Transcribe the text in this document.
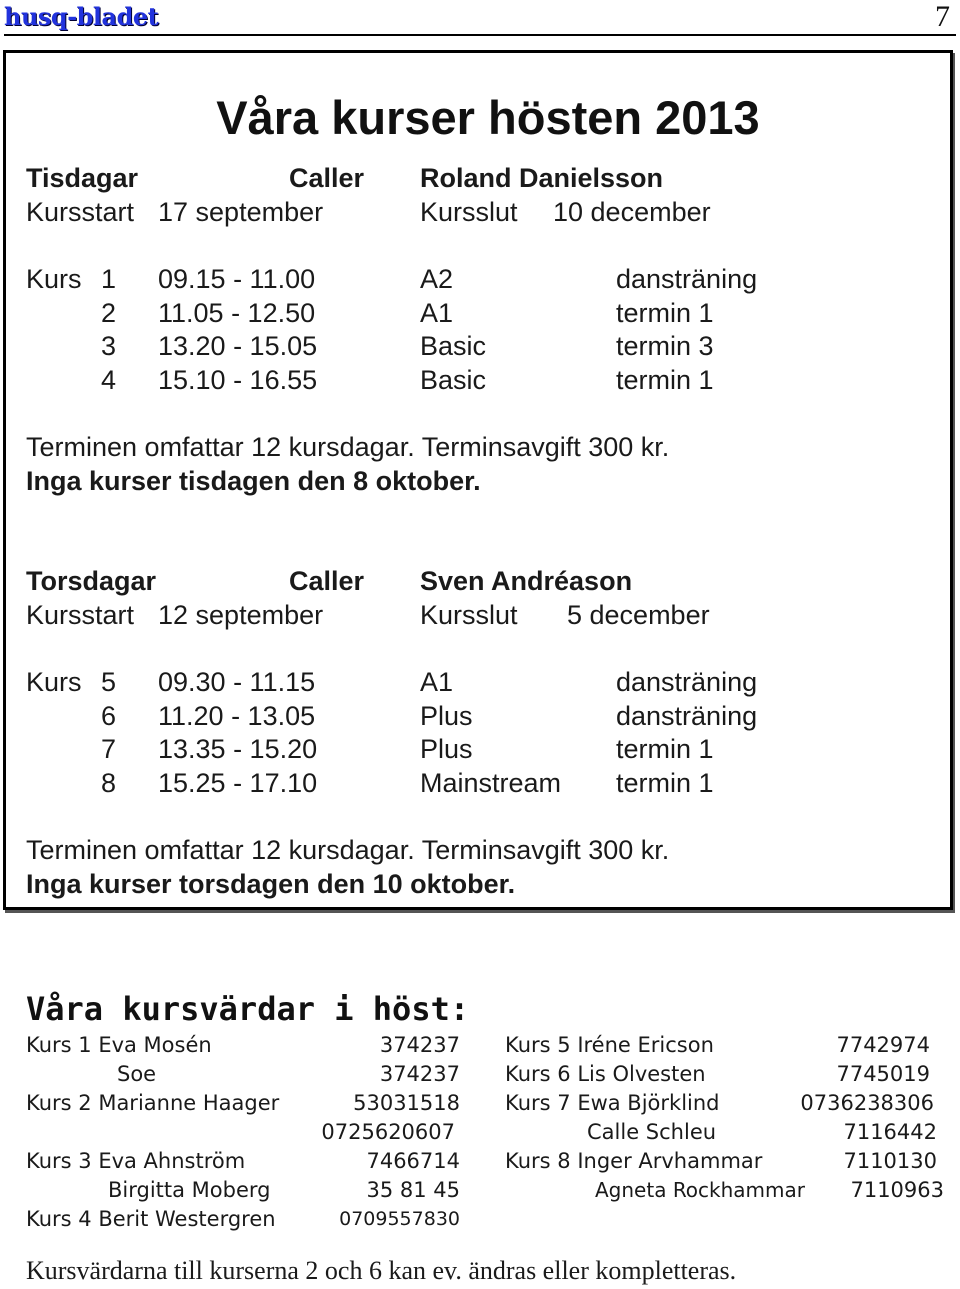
husq-bladet	7
Våra kurser hösten 2013
Tisdagar	Caller Roland Danielsson
Kursstart 17 september	Kursslut 10 december
Kurs 1 09.15 - 11.00	A2	dansträning
2 11.05 - 12.50	A1	termin 1
3 13.20 - 15.05	Basic	termin 3
4 15.10 - 16.55	Basic	termin 1
Terminen omfattar 12 kursdagar. Terminsavgift 300 kr.
Inga kurser tisdagen den 8 oktober.
Torsdagar	Caller Sven Andréason
Kursstart 12 september	Kursslut 5 december
Kurs 5 09.30 - 11.15	A1	dansträning
6 11.20 - 13.05	Plus	dansträning
7 13.35 - 15.20	Plus	termin 1
8 15.25 - 17.10	Mainstream termin 1
Terminen omfattar 12 kursdagar. Terminsavgift 300 kr.
Inga kurser torsdagen den 10 oktober.
Våra kursvärdar i höst:
Kurs 1 Eva Mosén	374237
Soe	374237
Kurs 2 Marianne Haager	53031518
0725620607
Kurs 3 Eva Ahnström	7466714
Birgitta Moberg	35 81 45
Kurs 4 Berit Westergren	0709557830
Kurs 5 Iréne Ericson	7742974
Kurs 6 Lis Olvesten	7745019
Kurs 7 Ewa Björklind	0736238306
Calle Schleu	7116442
Kurs 8 Inger Arvhammar	7110130
Agneta Rockhammar	7110963
Kursvärdarna till kurserna 2 och 6 kan ev. ändras eller kompletteras.
